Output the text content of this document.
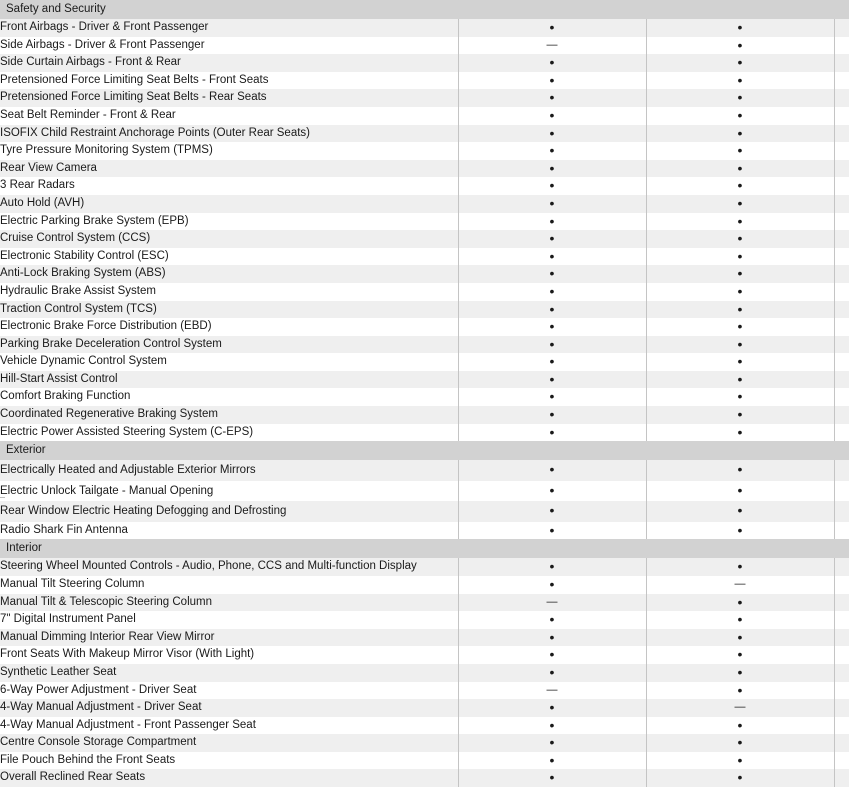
Safety and Security			
Front Airbags - Driver & Front Passenger	•	•	
Side Airbags - Driver & Front Passenger	—	•	
Side Curtain Airbags - Front & Rear	•	•	
Pretensioned Force Limiting Seat Belts - Front Seats	•	•	
Pretensioned Force Limiting Seat Belts - Rear Seats	•	•	
Seat Belt Reminder - Front & Rear	•	•	
ISOFIX Child Restraint Anchorage Points (Outer Rear Seats)	•	•	
Tyre Pressure Monitoring System (TPMS)	•	•	
Rear View Camera	•	•	
3 Rear Radars	•	•	
Auto Hold (AVH)	•	•	
Electric Parking Brake System (EPB)	•	•	
Cruise Control System (CCS)	•	•	
Electronic Stability Control (ESC)	•	•	
Anti-Lock Braking System (ABS)	•	•	
Hydraulic Brake Assist System	•	•	
Traction Control System (TCS)	•	•	
Electronic Brake Force Distribution (EBD)	•	•	
Parking Brake Deceleration Control System	•	•	
Vehicle Dynamic Control System	•	•	
Hill-Start Assist Control	•	•	
Comfort Braking Function	•	•	
Coordinated Regenerative Braking System	•	•	
Electric Power Assisted Steering System (C-EPS)	•	•	
Exterior			
Electrically Heated and Adjustable Exterior Mirrors	•	•	
Electric Unlock Tailgate - Manual Opening	•	•	
Rear Window Electric Heating Defogging and Defrosting	•	•	
Radio Shark Fin Antenna	•	•	
Interior			
Steering Wheel Mounted Controls - Audio, Phone, CCS and Multi-function Display	•	•	
Manual Tilt Steering Column	•	—	
Manual Tilt & Telescopic Steering Column	—	•	
7" Digital Instrument Panel	•	•	
Manual Dimming Interior Rear View Mirror	•	•	
Front Seats With Makeup Mirror Visor (With Light)	•	•	
Synthetic Leather Seat	•	•	
6-Way Power Adjustment - Driver Seat	—	•	
4-Way Manual Adjustment - Driver Seat	•	—	
4-Way Manual Adjustment - Front Passenger Seat	•	•	
Centre Console Storage Compartment	•	•	
File Pouch Behind the Front Seats	•	•	
Overall Reclined Rear Seats	•	•	
